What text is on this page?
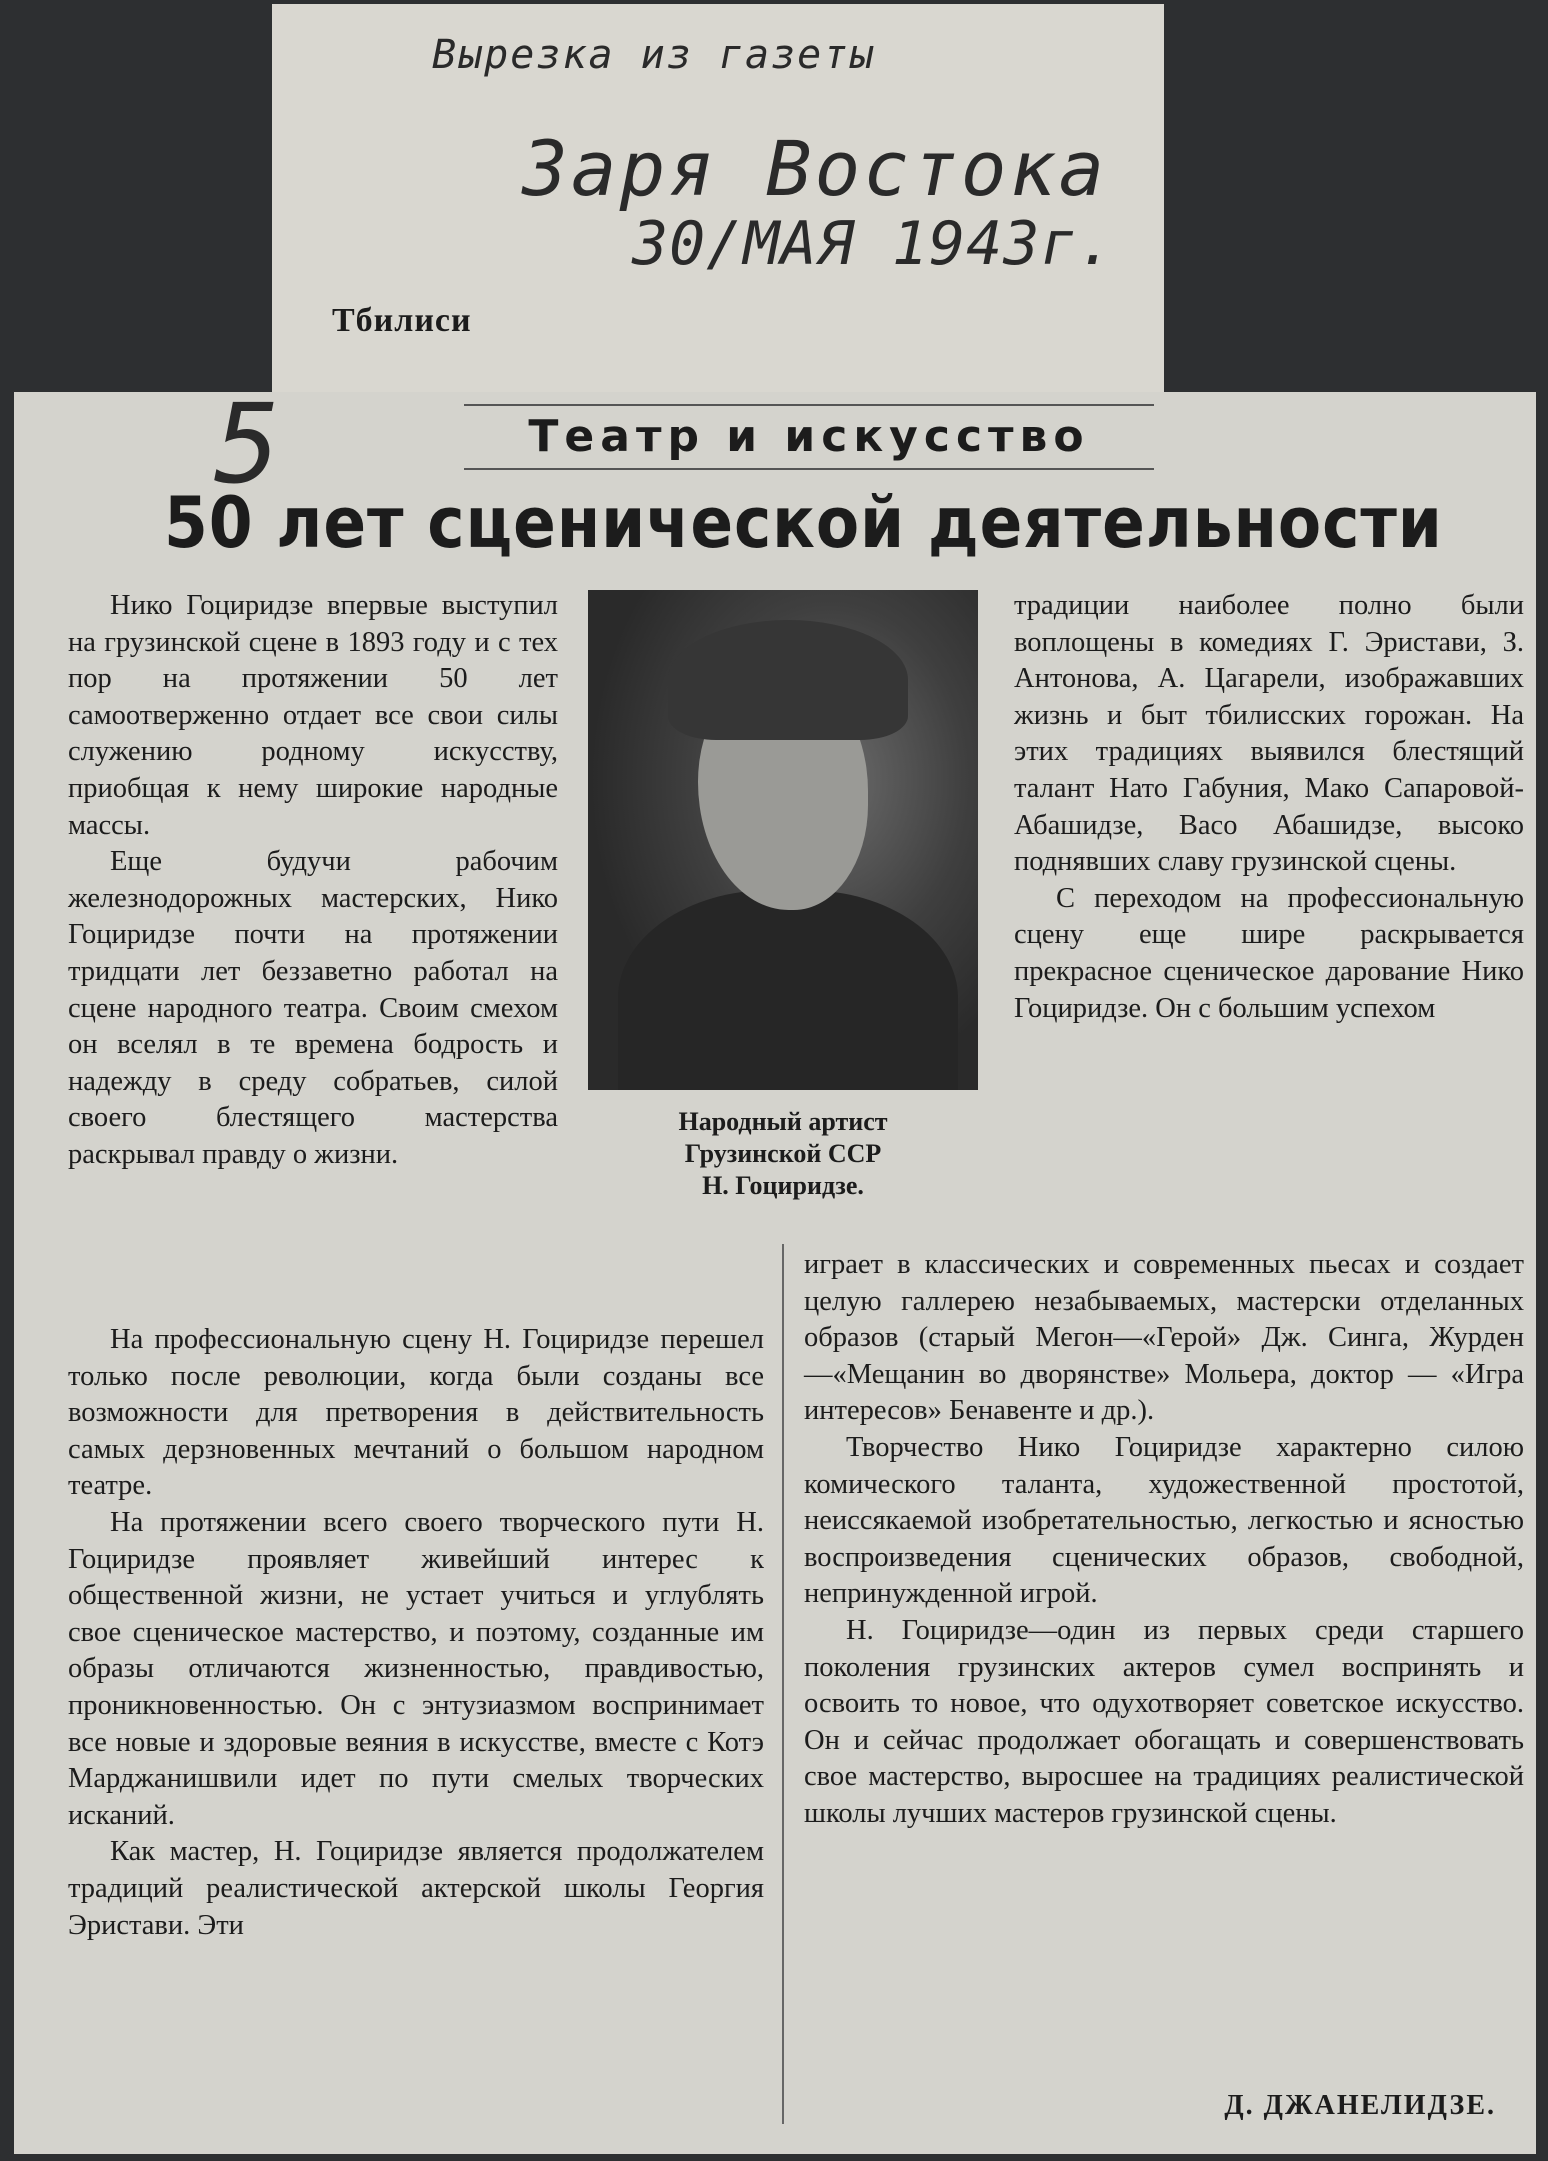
Вырезка из газеты
Заря Востока
30/МАЯ 1943г.
Тбилиси
5	Театр и искусство
50 лет сценической деятельности

Нико Гоциридзе впервые выступил на грузинской сцене в 1893 году и с тех пор на протяжении 50 лет самоотверженно отдает все свои силы служению родному искусству, приобщая к нему широкие народные массы.

Еще будучи рабочим железнодорожных мастерских, Нико Гоциридзе почти на протяжении тридцати лет беззаветно работал на сцене народного театра. Своим смехом он вселял в те времена бодрость и надежду в среду собратьев, силой своего блестящего мастерства раскрывал правду о жизни.

Народный артист
Грузинской ССР
Н. Гоциридзе.

традиции наиболее полно были воплощены в комедиях Г. Эристави, З. Антонова, А. Цагарели, изображавших жизнь и быт тбилисских горожан. На этих традициях выявился блестящий талант Нато Габуния, Мако Сапаровой-Абашидзе, Васо Абашидзе, высоко поднявших славу грузинской сцены.

С переходом на профессиональную сцену еще шире раскрывается прекрасное сценическое дарование Нико Гоциридзе. Он с большим успехом

На профессиональную сцену Н. Гоциридзе перешел только после революции, когда были созданы все возможности для претворения в действительность самых дерзновенных мечтаний о большом народном театре.

На протяжении всего своего творческого пути Н. Гоциридзе проявляет живейший интерес к общественной жизни, не устает учиться и углублять свое сценическое мастерство, и поэтому, созданные им образы отличаются жизненностью, правдивостью, проникновенностью. Он с энтузиазмом воспринимает все новые и здоровые веяния в искусстве, вместе с Котэ Марджанишвили идет по пути смелых творческих исканий.

Как мастер, Н. Гоциридзе является продолжателем традиций реалистической актерской школы Георгия Эристави. Эти

играет в классических и современных пьесах и создает целую галлерею незабываемых, мастерски отделанных образов (старый Мегон—«Герой» Дж. Синга, Журден —«Мещанин во дворянстве» Мольера, доктор — «Игра интересов» Бенавенте и др.).

Творчество Нико Гоциридзе характерно силою комического таланта, художественной простотой, неиссякаемой изобретательностью, легкостью и ясностью воспроизведения сценических образов, свободной, непринужденной игрой.

Н. Гоциридзе—один из первых среди старшего поколения грузинских актеров сумел воспринять и освоить то новое, что одухотворяет советское искусство. Он и сейчас продолжает обогащать и совершенствовать свое мастерство, выросшее на традициях реалистической школы лучших мастеров грузинской сцены.

Д. ДЖАНЕЛИДЗЕ.
